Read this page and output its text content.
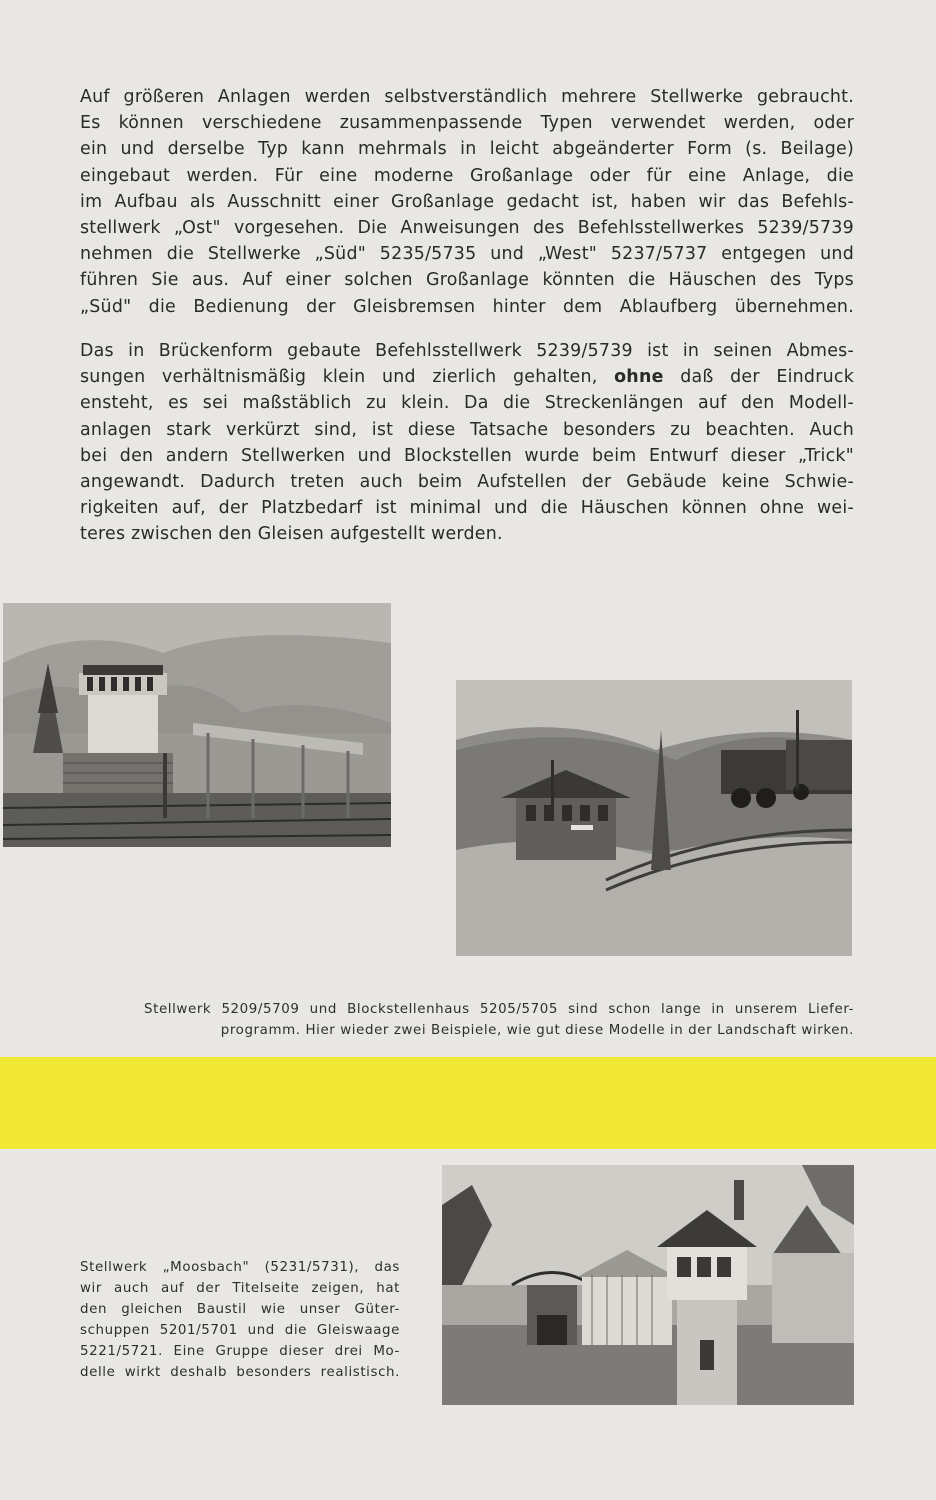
Auf größeren Anlagen werden selbstverständlich mehrere Stellwerke gebraucht.
Es können verschiedene zusammenpassende Typen verwendet werden, oder
ein und derselbe Typ kann mehrmals in leicht abgeänderter Form (s. Beilage)
eingebaut werden. Für eine moderne Großanlage oder für eine Anlage, die
im Aufbau als Ausschnitt einer Großanlage gedacht ist, haben wir das Befehls-
stellwerk „Ost" vorgesehen. Die Anweisungen des Befehlsstellwerkes 5239/5739
nehmen die Stellwerke „Süd" 5235/5735 und „West" 5237/5737 entgegen und
führen Sie aus. Auf einer solchen Großanlage könnten die Häuschen des Typs
„Süd" die Bedienung der Gleisbremsen hinter dem Ablaufberg übernehmen.
Das in Brückenform gebaute Befehlsstellwerk 5239/5739 ist in seinen Abmes-
sungen verhältnismäßig klein und zierlich gehalten, ohne daß der Eindruck
ensteht, es sei maßstäblich zu klein. Da die Streckenlängen auf den Modell-
anlagen stark verkürzt sind, ist diese Tatsache besonders zu beachten. Auch
bei den andern Stellwerken und Blockstellen wurde beim Entwurf dieser „Trick"
angewandt. Dadurch treten auch beim Aufstellen der Gebäude keine Schwie-
rigkeiten auf, der Platzbedarf ist minimal und die Häuschen können ohne wei-
teres zwischen den Gleisen aufgestellt werden.
Stellwerk 5209/5709 und Blockstellenhaus 5205/5705 sind schon lange in unserem Liefer-
programm. Hier wieder zwei Beispiele, wie gut diese Modelle in der Landschaft wirken.
Stellwerk „Moosbach" (5231/5731), das
wir auch auf der Titelseite zeigen, hat
den gleichen Baustil wie unser Güter-
schuppen 5201/5701 und die Gleiswaage
5221/5721. Eine Gruppe dieser drei Mo-
delle wirkt deshalb besonders realistisch.
